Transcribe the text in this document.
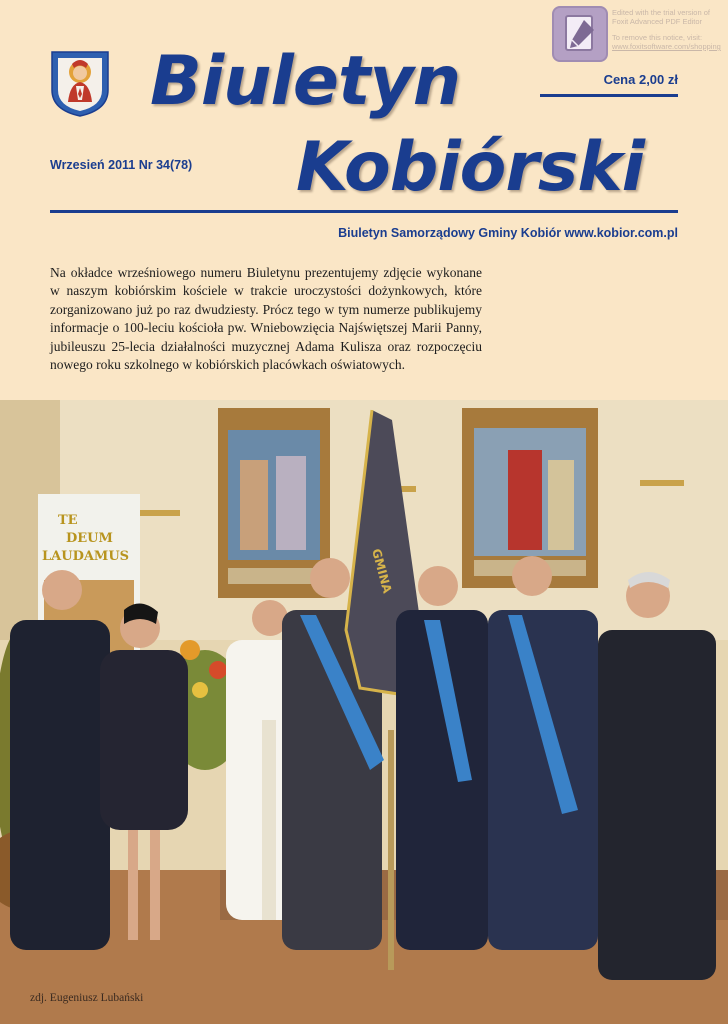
Edited with the trial version of
Foxit Advanced PDF Editor
To remove this notice, visit:
www.foxitsoftware.com/shopping
Biuletyn
Kobiórski
Cena 2,00 zł
Wrzesień 2011 Nr 34(78)
Biuletyn Samorządowy Gminy Kobiór www.kobior.com.pl

Na okładce wrześniowego numeru Biuletynu prezentujemy zdjęcie wykonane w naszym kobiórskim kościele w trakcie uroczystości dożynkowych, które zorganizowano już po raz dwudziesty. Prócz tego w tym numerze publikujemy informacje o 100-leciu kościoła pw. Wniebowzięcia Najświętszej Marii Panny, jubileuszu 25-lecia działalności muzycznej Adama Kulisza oraz rozpoczęciu nowego roku szkolnego w kobiórskich placówkach oświatowych.

TE
DEUM
LAUDAMUS	GMINA
zdj. Eugeniusz Lubański
